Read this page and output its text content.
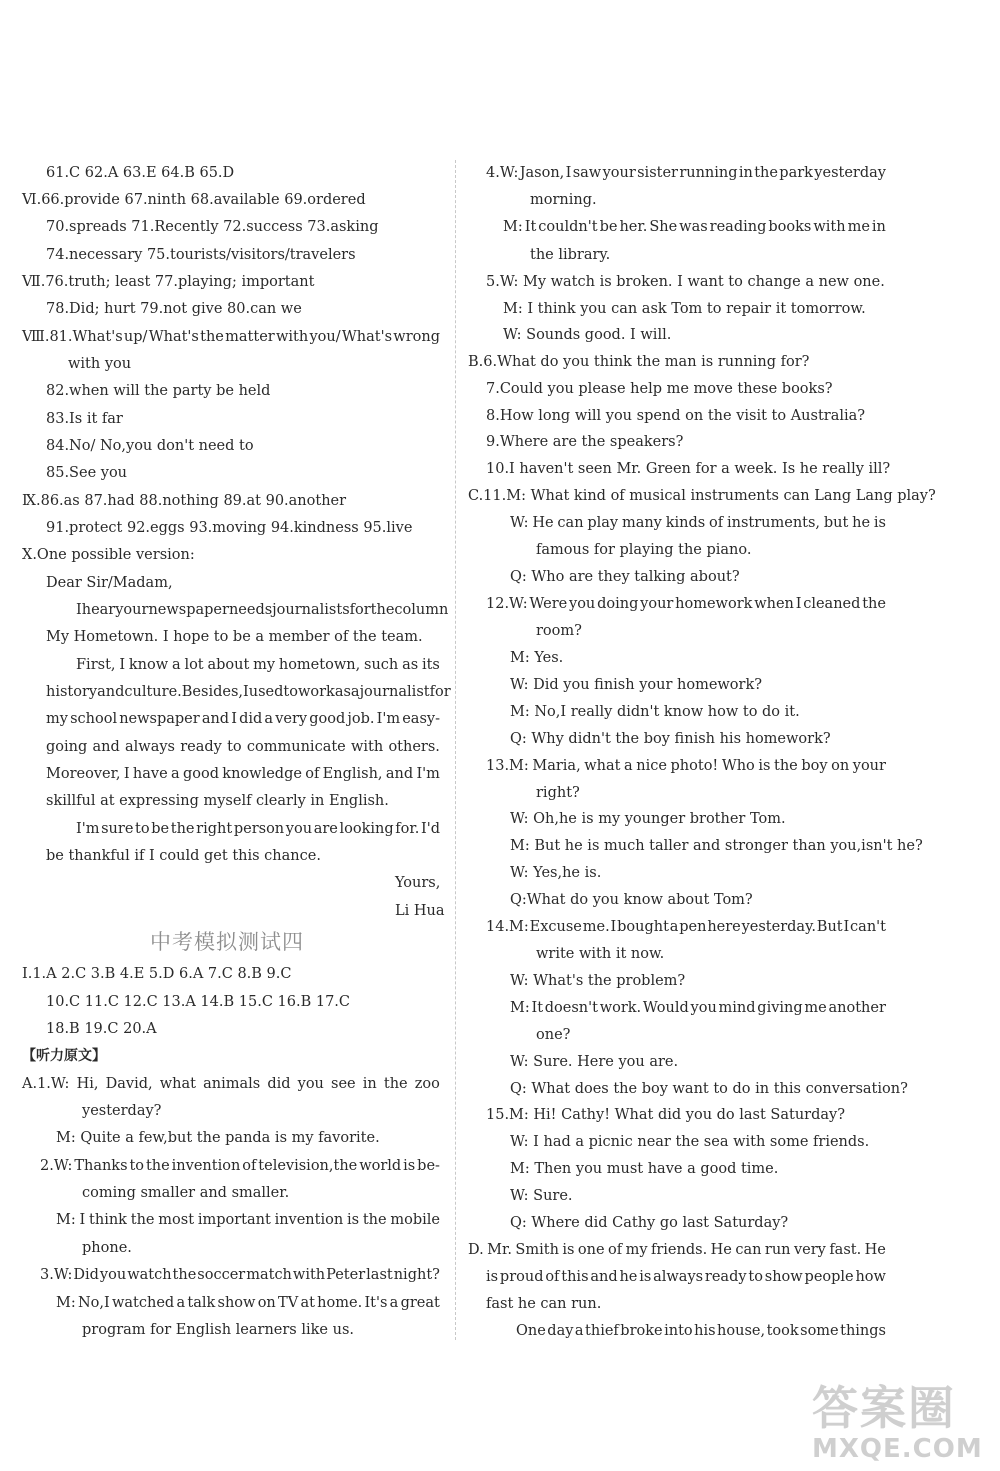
61.C 62.A 63.E 64.B 65.D
Ⅵ.66.provide 67.ninth 68.available 69.ordered
70.spreads 71.Recently 72.success 73.asking
74.necessary 75.tourists/visitors/travelers
Ⅶ.76.truth; least 77.playing; important
78.Did; hurt 79.not give 80.can we
Ⅷ.81.What's up/ What's the matter with you/ What's wrong
with you
82.when will the party be held
83.Is it far
84.No/ No,you don't need to
85.See you
Ⅸ.86.as 87.had 88.nothing 89.at 90.another
91.protect 92.eggs 93.moving 94.kindness 95.live
Ⅹ.One possible version:
Dear Sir/Madam,
I hear your newspaper needs journalists for the column
My Hometown. I hope to be a member of the team.
First, I know a lot about my hometown, such as its
history and culture. Besides, I used to work as a journalist for
my school newspaper and I did a very good job. I'm easy-
going and always ready to communicate with others.
Moreover, I have a good knowledge of English, and I'm
skillful at expressing myself clearly in English.
I'm sure to be the right person you are looking for. I'd
be thankful if I could get this chance.
Yours,
Li Hua
Ⅰ.1.A 2.C 3.B 4.E 5.D 6.A 7.C 8.B 9.C
10.C 11.C 12.C 13.A 14.B 15.C 16.B 17.C
18.B 19.C 20.A
A.1.W: Hi, David, what animals did you see in the zoo
yesterday?
M: Quite a few,but the panda is my favorite.
2.W: Thanks to the invention of television,the world is be-
coming smaller and smaller.
M: I think the most important invention is the mobile
phone.
3.W: Did you watch the soccer match with Peter last night?
M: No,I watched a talk show on TV at home. It's a great
program for English learners like us.
4.W: Jason, I saw your sister running in the park yesterday
morning.
M: It couldn't be her. She was reading books with me in
the library.
5.W: My watch is broken. I want to change a new one.
M: I think you can ask Tom to repair it tomorrow.
W: Sounds good. I will.
B.6.What do you think the man is running for?
7.Could you please help me move these books?
8.How long will you spend on the visit to Australia?
9.Where are the speakers?
10.I haven't seen Mr. Green for a week. Is he really ill?
C.11.M: What kind of musical instruments can Lang Lang play?
W: He can play many kinds of instruments, but he is
famous for playing the piano.
Q: Who are they talking about?
12.W: Were you doing your homework when I cleaned the
room?
M: Yes.
W: Did you finish your homework?
M: No,I really didn't know how to do it.
Q: Why didn't the boy finish his homework?
13.M: Maria, what a nice photo! Who is the boy on your
right?
W: Oh,he is my younger brother Tom.
M: But he is much taller and stronger than you,isn't he?
W: Yes,he is.
Q:What do you know about Tom?
14.M: Excuse me. I bought a pen here yesterday. But I can't
write with it now.
W: What's the problem?
M: It doesn't work. Would you mind giving me another
one?
W: Sure. Here you are.
Q: What does the boy want to do in this conversation?
15.M: Hi! Cathy! What did you do last Saturday?
W: I had a picnic near the sea with some friends.
M: Then you must have a good time.
W: Sure.
Q: Where did Cathy go last Saturday?
D. Mr. Smith is one of my friends. He can run very fast. He
is proud of this and he is always ready to show people how
fast he can run.
One day a thief broke into his house, took some things
中考模拟测试四
【听力原文】
答案圈
MXQE.COM
